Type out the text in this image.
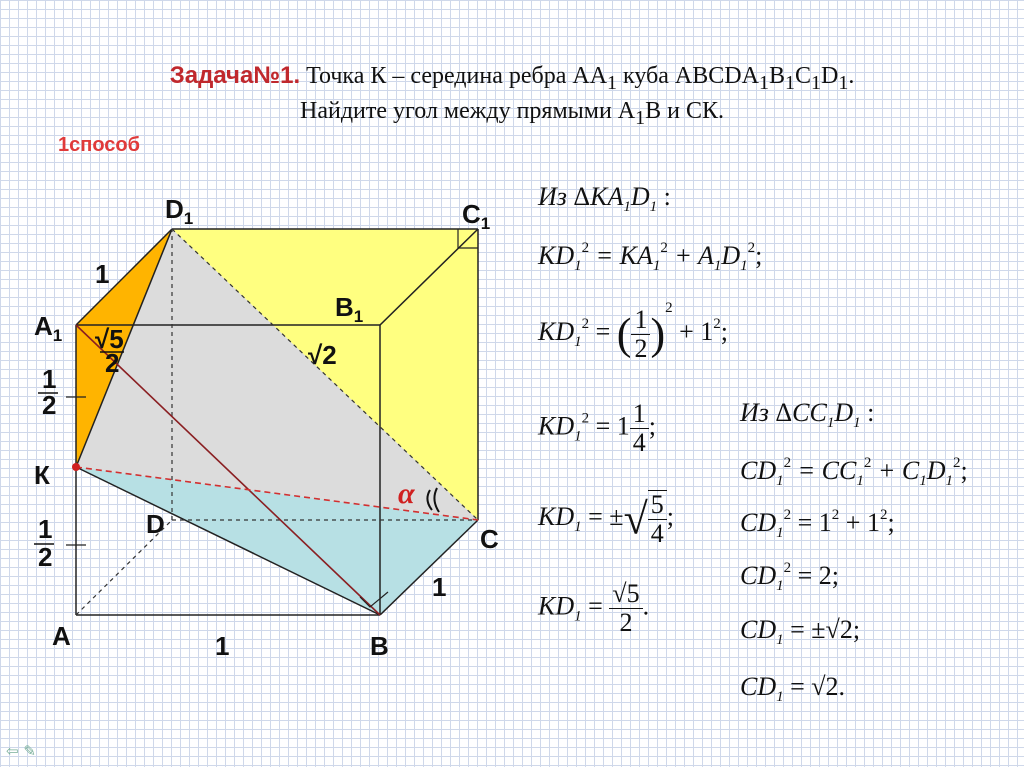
Задача№1. Точка К – середина ребра $АА_1$ куба $ABCDA_1B_1C_1D_1$.
Найдите угол между прямыми $A_1B$ и СК.
1способ
$D_1$	$C_1$
$B_1$
$A_1$
К
D	C
A	B
1
1
1
1
2
1
2
√5
2	√2
α
Из $\Delta KA_1D_1$ :
$KD_1^2 = KA_1^2 + A_1D_1^2$;
$KD_1^2$ = ( $\frac{1}{2} )^2 + 1^2$;
$KD_1^2 = 1 \frac{1}{4}$ ;
$KD_1$ = ±√ $\frac{5}{4}$ ;
$KD_1 = \frac{√5}{2}$ .
Из $\Delta CC_1D_1$ :
$CD_1^2 = CC_1^2 + C_1D_1^2$;
$CD_1^2 = 1^2 + 1^2$;
$CD_1^2 = 2$;
$CD_1 = \pm√2$;
$CD_1 = √2$.
⇦ ✎
